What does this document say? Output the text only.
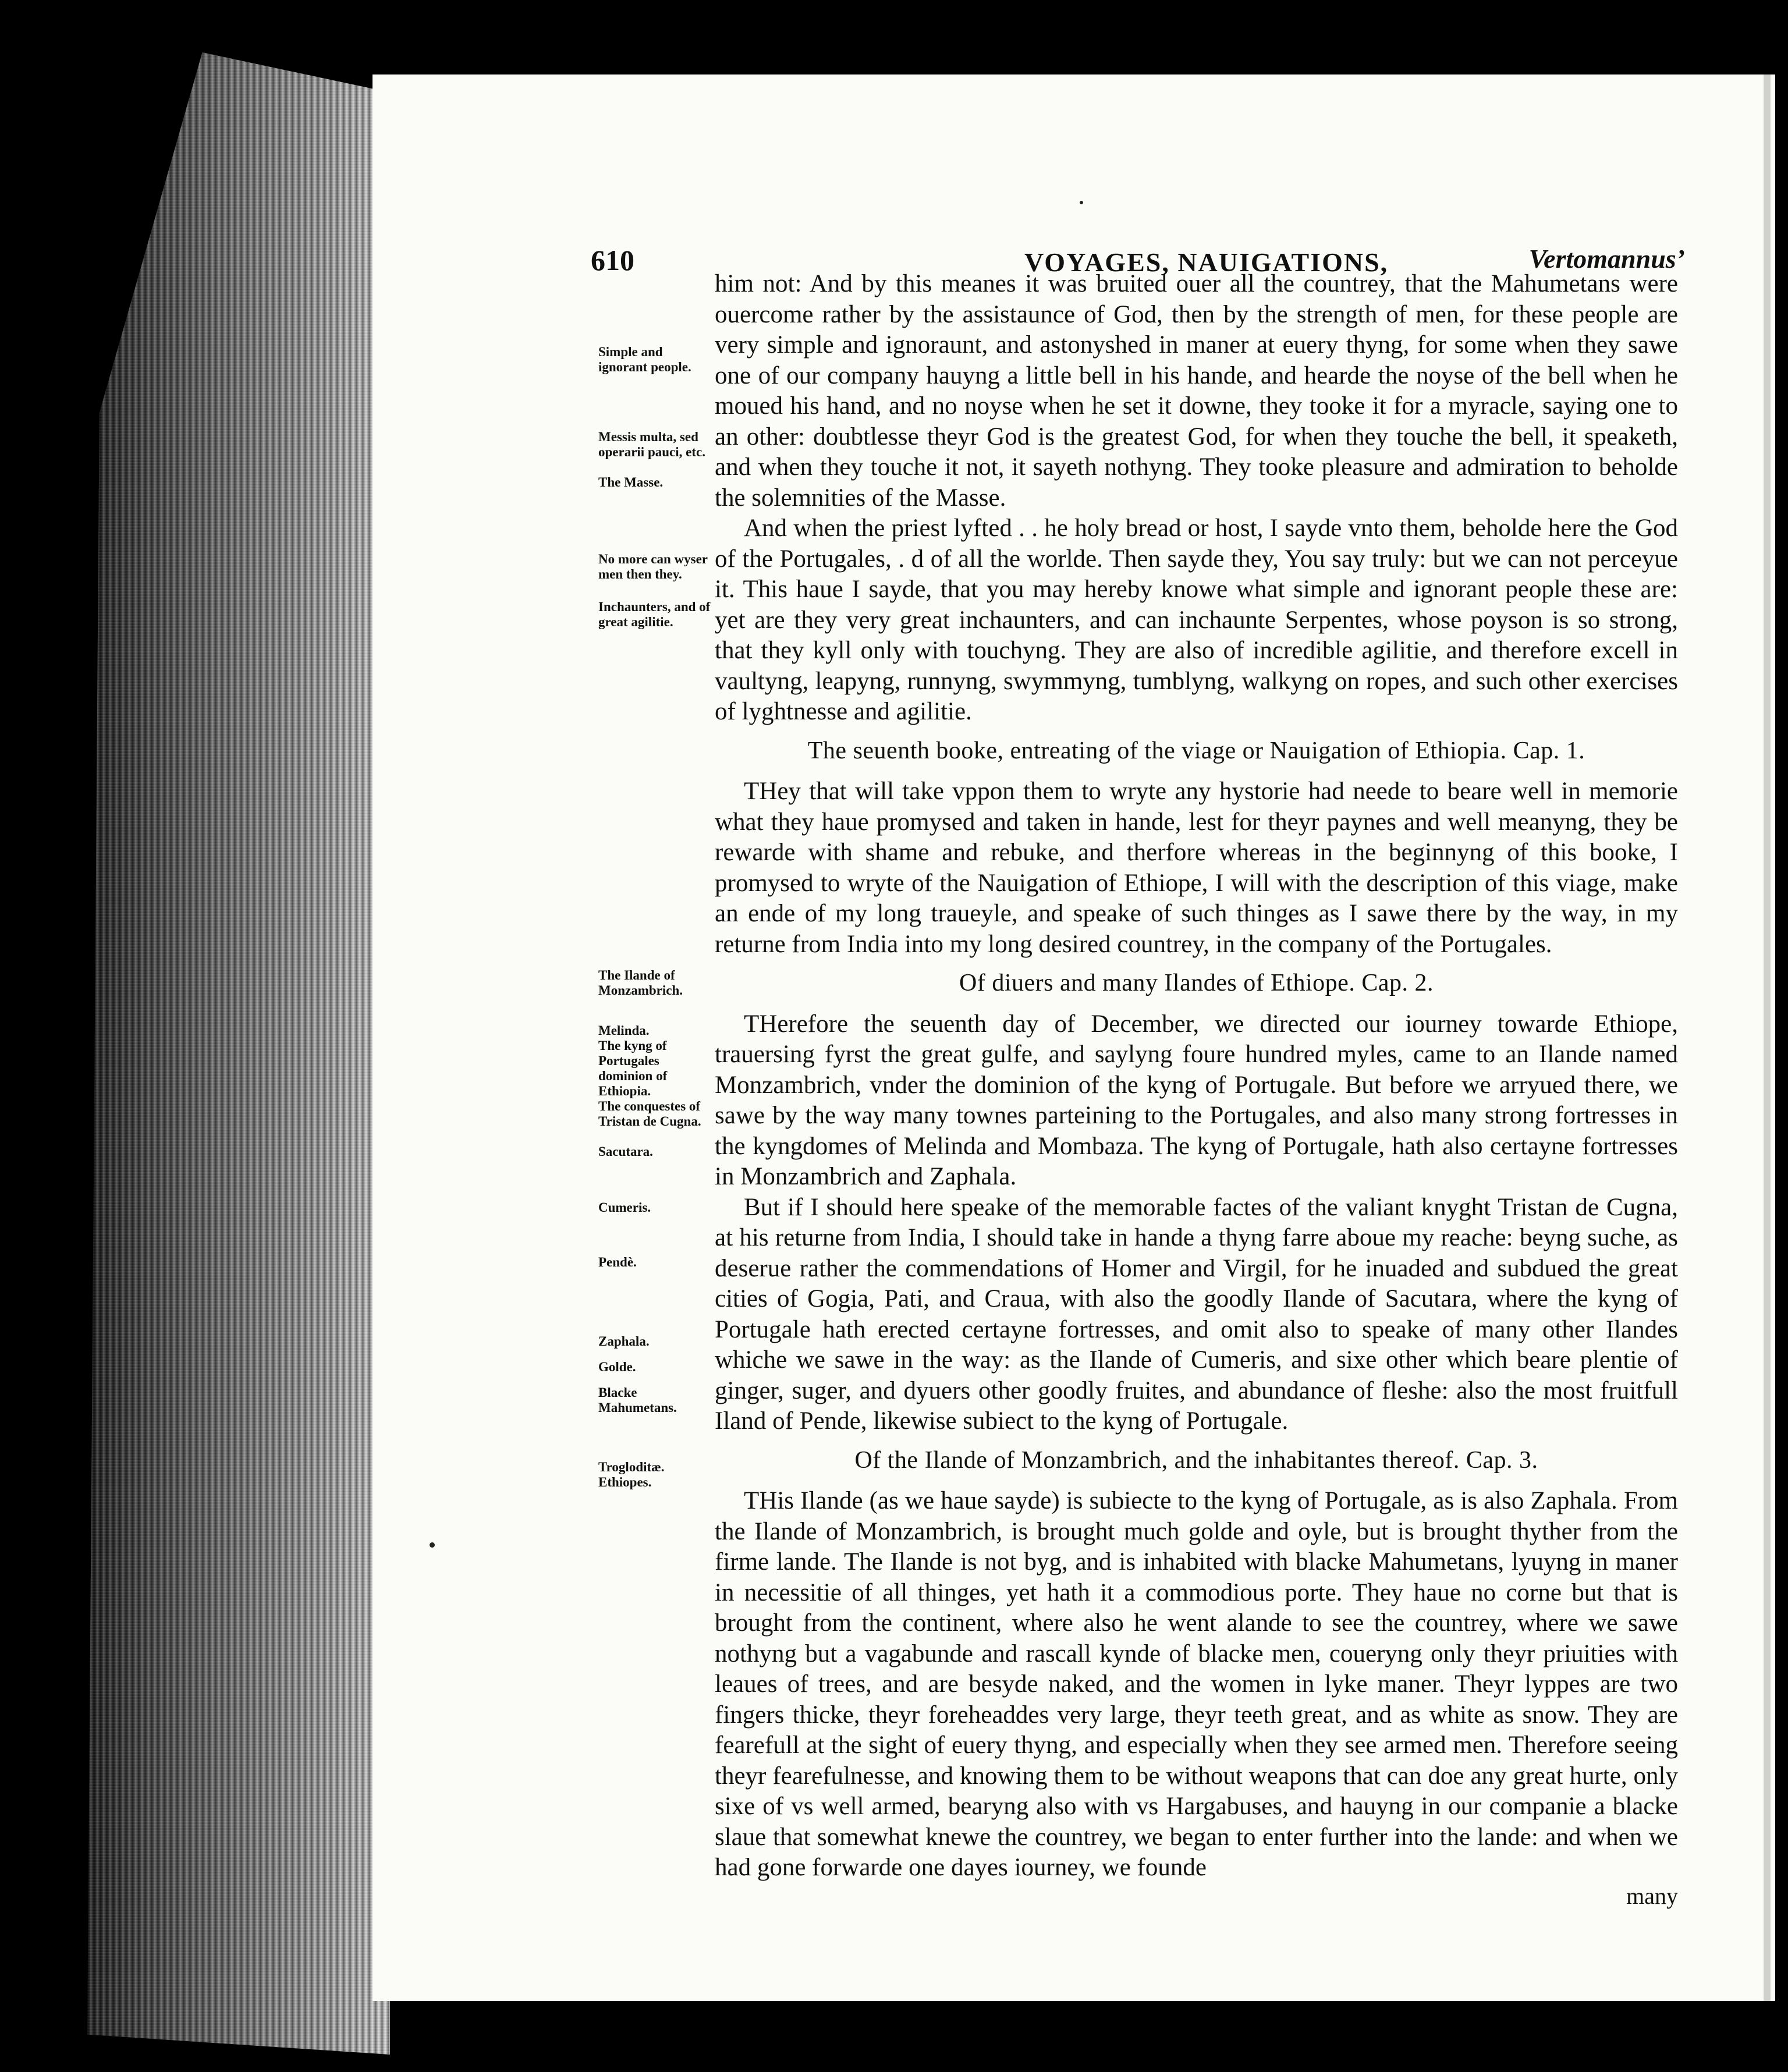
610	VOYAGES, NAUIGATIONS,	Vertomannus’
Simple and ignorant people.
Messis multa, sed operarii pauci, etc.
The Masse.
No more can wyser men then they.
Inchaunters, and of great agilitie.
The Ilande of Monzambrich.
Melinda.
The kyng of Portugales dominion of Ethiopia.
The conquestes of Tristan de Cugna.
Sacutara.
Cumeris.
Pendè.
Zaphala.
Golde.
Blacke Mahumetans.
Trogloditæ. Ethiopes.

him not: And by this meanes it was bruited ouer all the countrey, that the Mahumetans were ouercome rather by the assistaunce of God, then by the strength of men, for these people are very simple and ignoraunt, and astonyshed in maner at euery thyng, for some when they sawe one of our company hauyng a little bell in his hande, and hearde the noyse of the bell when he moued his hand, and no noyse when he set it downe, they tooke it for a myracle, saying one to an other: doubtlesse theyr God is the greatest God, for when they touche the bell, it speaketh, and when they touche it not, it sayeth nothyng. They tooke pleasure and admiration to beholde the solemnities of the Masse.

And when the priest lyfted . . he holy bread or host, I sayde vnto them, beholde here the God of the Portugales, . d of all the worlde. Then sayde they, You say truly: but we can not perceyue it. This haue I sayde, that you may hereby knowe what simple and ignorant people these are: yet are they very great inchaunters, and can inchaunte Serpentes, whose poyson is so strong, that they kyll only with touchyng. They are also of incredible agilitie, and therefore excell in vaultyng, leapyng, runnyng, swymmyng, tumblyng, walkyng on ropes, and such other exercises of lyghtnesse and agilitie.

The seuenth booke, entreating of the viage or Nauigation of Ethiopia. Cap. 1.

THey that will take vppon them to wryte any hystorie had neede to beare well in memorie what they haue promysed and taken in hande, lest for theyr paynes and well meanyng, they be rewarde with shame and rebuke, and therfore whereas in the beginnyng of this booke, I promysed to wryte of the Nauigation of Ethiope, I will with the description of this viage, make an ende of my long traueyle, and speake of such thinges as I sawe there by the way, in my returne from India into my long desired countrey, in the company of the Portugales.

Of diuers and many Ilandes of Ethiope. Cap. 2.

THerefore the seuenth day of December, we directed our iourney towarde Ethiope, trauersing fyrst the great gulfe, and saylyng foure hundred myles, came to an Ilande named Monzambrich, vnder the dominion of the kyng of Portugale. But before we arryued there, we sawe by the way many townes parteining to the Portugales, and also many strong fortresses in the kyngdomes of Melinda and Mombaza. The kyng of Portugale, hath also certayne fortresses in Monzambrich and Zaphala.

But if I should here speake of the memorable factes of the valiant knyght Tristan de Cugna, at his returne from India, I should take in hande a thyng farre aboue my reache: beyng suche, as deserue rather the commendations of Homer and Virgil, for he inuaded and subdued the great cities of Gogia, Pati, and Craua, with also the goodly Ilande of Sacutara, where the kyng of Portugale hath erected certayne fortresses, and omit also to speake of many other Ilandes whiche we sawe in the way: as the Ilande of Cumeris, and sixe other which beare plentie of ginger, suger, and dyuers other goodly fruites, and abundance of fleshe: also the most fruitfull Iland of Pende, likewise subiect to the kyng of Portugale.

Of the Ilande of Monzambrich, and the inhabitantes thereof. Cap. 3.

THis Ilande (as we haue sayde) is subiecte to the kyng of Portugale, as is also Zaphala. From the Ilande of Monzambrich, is brought much golde and oyle, but is brought thyther from the firme lande. The Ilande is not byg, and is inhabited with blacke Mahumetans, lyuyng in maner in necessitie of all thinges, yet hath it a commodious porte. They haue no corne but that is brought from the continent, where also he went alande to see the countrey, where we sawe nothyng but a vagabunde and rascall kynde of blacke men, coueryng only theyr priuities with leaues of trees, and are besyde naked, and the women in lyke maner. Theyr lyppes are two fingers thicke, theyr foreheaddes very large, theyr teeth great, and as white as snow. They are fearefull at the sight of euery thyng, and especially when they see armed men. Therefore seeing theyr fearefulnesse, and knowing them to be without weapons that can doe any great hurte, only sixe of vs well armed, bearyng also with vs Hargabuses, and hauyng in our companie a blacke slaue that somewhat knewe the countrey, we began to enter further into the lande: and when we had gone forwarde one dayes iourney, we founde

many
